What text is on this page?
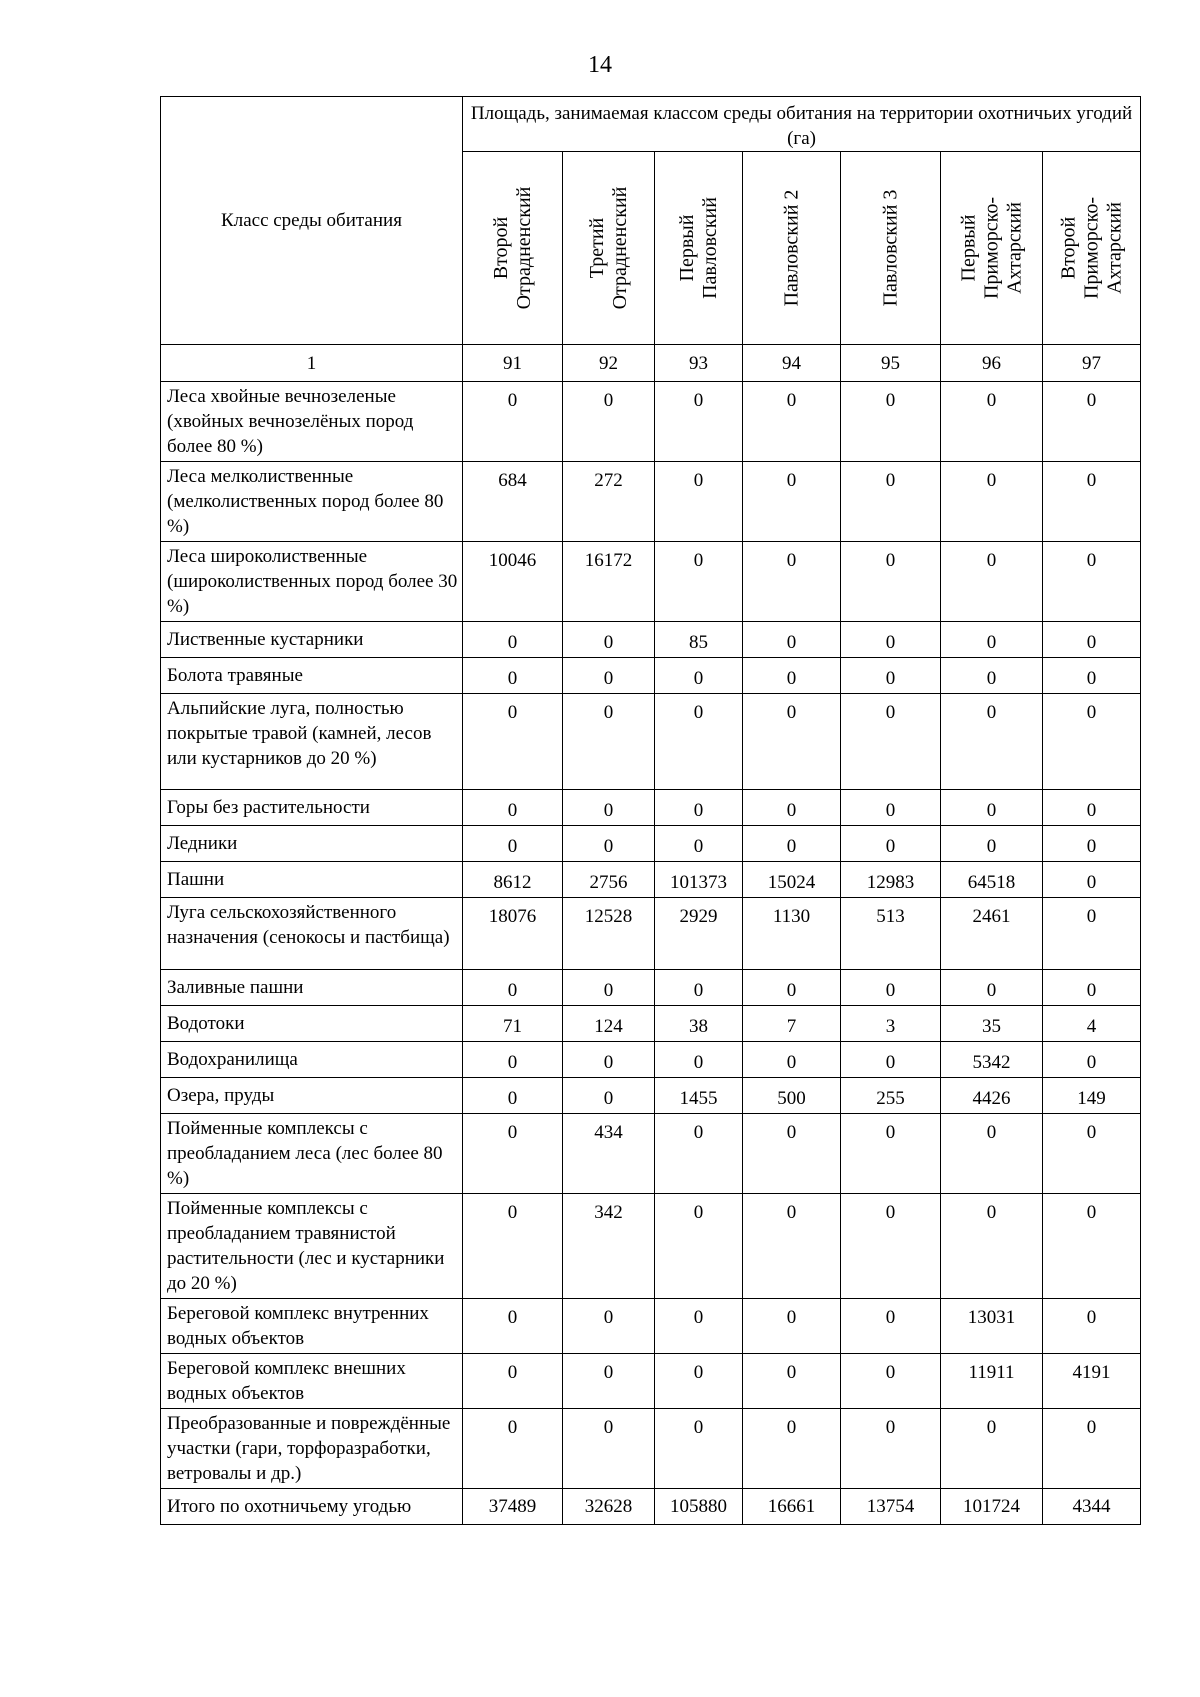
14
Класс среды обитания	Площадь, занимаемая классом среды обитания на территории охотничьих угодий (га)						

	Второй Отрадненский	Третий Отрадненский	Первый Павловский	Павловский 2	Павловский 3	Первый Приморско- Ахтарский	Второй Приморско- Ахтарский

1	91	92	93	94	95	96	97
Леса хвойные вечнозеленые (хвойных вечнозелёных пород более 80 %)	0	0	0	0	0	0	0
Леса мелколиственные (мелколиственных пород более 80 %)	684	272	0	0	0	0	0
Леса широколиственные (широколиственных пород более 30 %)	10046	16172	0	0	0	0	0
Лиственные кустарники	0	0	85	0	0	0	0
Болота травяные	0	0	0	0	0	0	0
Альпийские луга, полностью покрытые травой (камней, лесов или кустарников до 20 %)	0	0	0	0	0	0	0
Горы без растительности	0	0	0	0	0	0	0
Ледники	0	0	0	0	0	0	0
Пашни	8612	2756	101373	15024	12983	64518	0
Луга сельскохозяйственного назначения (сенокосы и пастбища)	18076	12528	2929	1130	513	2461	0
Заливные пашни	0	0	0	0	0	0	0
Водотоки	71	124	38	7	3	35	4
Водохранилища	0	0	0	0	0	5342	0
Озера, пруды	0	0	1455	500	255	4426	149
Пойменные комплексы с преобладанием леса (лес более 80 %)	0	434	0	0	0	0	0
Пойменные комплексы с преобладанием травянистой растительности (лес и кустарники до 20 %)	0	342	0	0	0	0	0
Береговой комплекс внутренних водных объектов	0	0	0	0	0	13031	0
Береговой комплекс внешних водных объектов	0	0	0	0	0	11911	4191
Преобразованные и повреждённые участки (гари, торфоразработки, ветровалы и др.)	0	0	0	0	0	0	0
Итого по охотничьему угодью	37489	32628	105880	16661	13754	101724	4344
